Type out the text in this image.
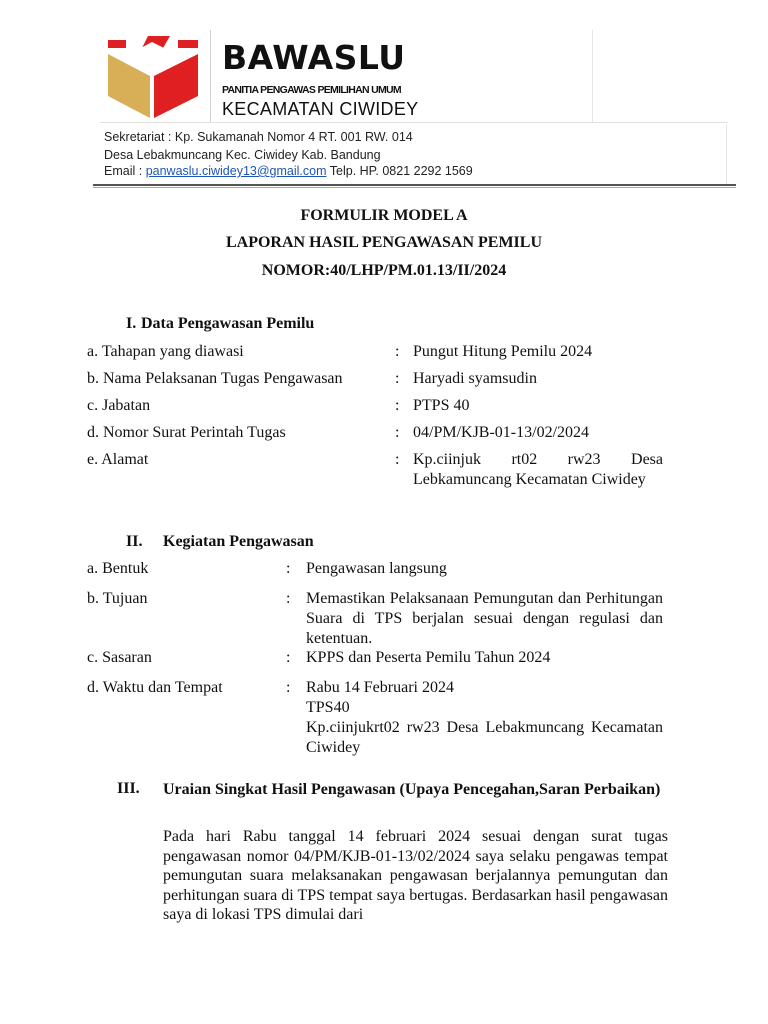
BAWASLU
PANITIA PENGAWAS PEMILIHAN UMUM
KECAMATAN CIWIDEY
Sekretariat : Kp. Sukamanah Nomor 4 RT. 001 RW. 014
Desa Lebakmuncang Kec. Ciwidey Kab. Bandung
Email : panwaslu.ciwidey13@gmail.com Telp. HP. 0821 2292 1569
FORMULIR MODEL A
LAPORAN HASIL PENGAWASAN PEMILU
NOMOR:40/LHP/PM.01.13/II/2024
I. Data Pengawasan Pemilu
a. Tahapan yang diawasi	: Pungut Hitung Pemilu 2024
b. Nama Pelaksanan Tugas Pengawasan	: Haryadi syamsudin
c. Jabatan	: PTPS 40
d. Nomor Surat Perintah Tugas	: 04/PM/KJB-01-13/02/2024
e. Alamat	: Kp.ciinjuk rt02 rw23 Desa Lebkamuncang Kecamatan Ciwidey
II. Kegiatan Pengawasan
a. Bentuk	: Pengawasan langsung
b. Tujuan	: Memastikan Pelaksanaan Pemungutan dan Perhitungan Suara di TPS berjalan sesuai dengan regulasi dan ketentuan.
c. Sasaran	: KPPS dan Peserta Pemilu Tahun 2024
d. Waktu dan Tempat	: Rabu 14 Februari 2024
TPS40
Kp.ciinjukrt02 rw23 Desa Lebakmuncang Kecamatan Ciwidey
III. Uraian Singkat Hasil Pengawasan (Upaya Pencegahan,Saran Perbaikan)
Pada hari Rabu tanggal 14 februari 2024 sesuai dengan surat tugas pengawasan nomor 04/PM/KJB-01-13/02/2024 saya selaku pengawas tempat pemungutan suara melaksanakan pengawasan berjalannya pemungutan dan perhitungan suara di TPS tempat saya bertugas. Berdasarkan hasil pengawasan saya di lokasi TPS dimulai dari
